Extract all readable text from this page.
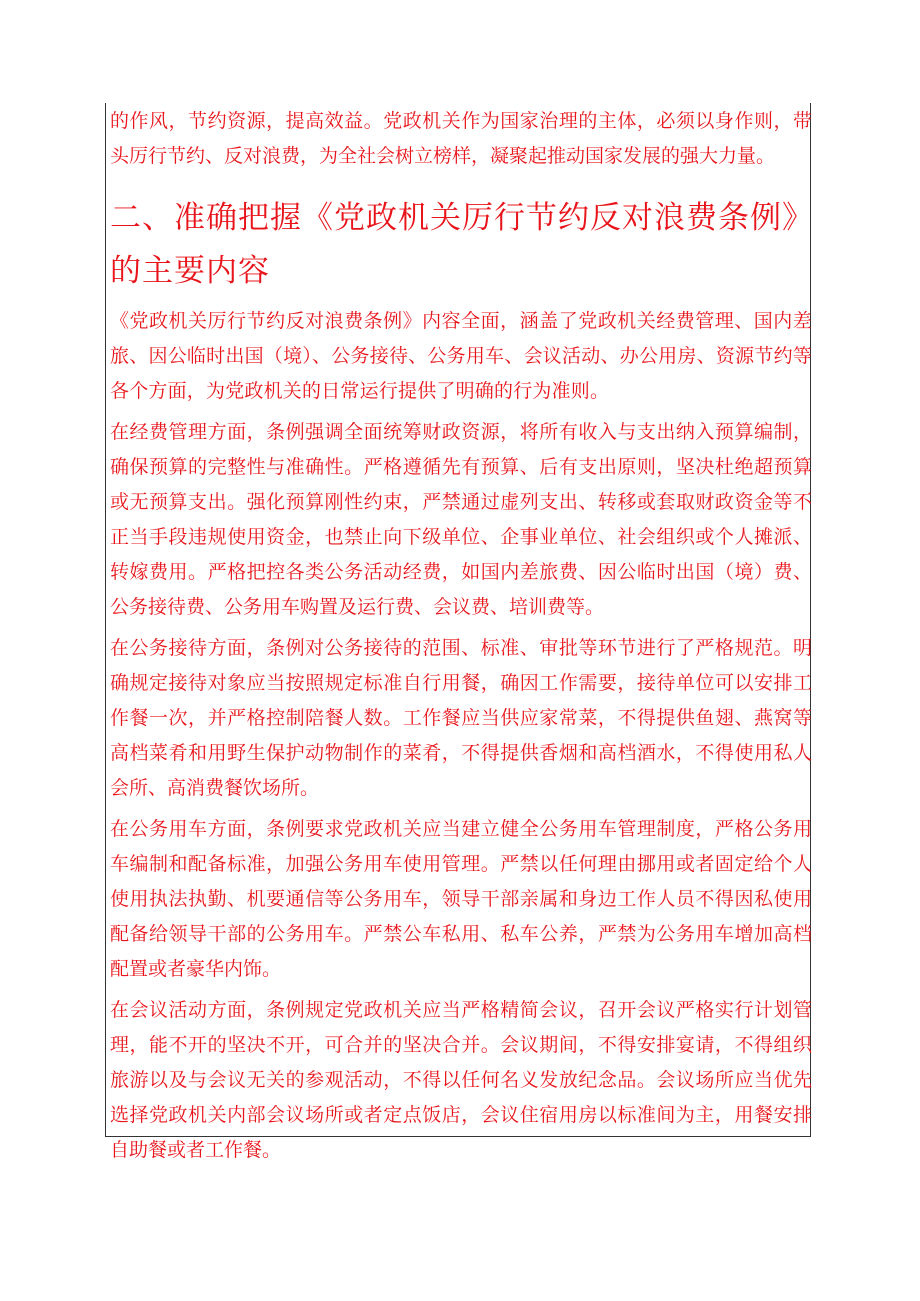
的作风，节约资源，提高效益。党政机关作为国家治理的主体，必须以身作则，带头厉行节约、反对浪费，为全社会树立榜样，凝聚起推动国家发展的强大力量。

二、准确把握《党政机关厉行节约反对浪费条例》的主要内容

《党政机关厉行节约反对浪费条例》内容全面，涵盖了党政机关经费管理、国内差旅、因公临时出国（境）、公务接待、公务用车、会议活动、办公用房、资源节约等各个方面，为党政机关的日常运行提供了明确的行为准则。

在经费管理方面，条例强调全面统筹财政资源，将所有收入与支出纳入预算编制，确保预算的完整性与准确性。严格遵循先有预算、后有支出原则，坚决杜绝超预算或无预算支出。强化预算刚性约束，严禁通过虚列支出、转移或套取财政资金等不正当手段违规使用资金，也禁止向下级单位、企事业单位、社会组织或个人摊派、转嫁费用。严格把控各类公务活动经费，如国内差旅费、因公临时出国（境）费、公务接待费、公务用车购置及运行费、会议费、培训费等。

在公务接待方面，条例对公务接待的范围、标准、审批等环节进行了严格规范。明确规定接待对象应当按照规定标准自行用餐，确因工作需要，接待单位可以安排工作餐一次，并严格控制陪餐人数。工作餐应当供应家常菜，不得提供鱼翅、燕窝等高档菜肴和用野生保护动物制作的菜肴，不得提供香烟和高档酒水，不得使用私人会所、高消费餐饮场所。

在公务用车方面，条例要求党政机关应当建立健全公务用车管理制度，严格公务用车编制和配备标准，加强公务用车使用管理。严禁以任何理由挪用或者固定给个人使用执法执勤、机要通信等公务用车，领导干部亲属和身边工作人员不得因私使用配备给领导干部的公务用车。严禁公车私用、私车公养，严禁为公务用车增加高档配置或者豪华内饰。

在会议活动方面，条例规定党政机关应当严格精简会议，召开会议严格实行计划管理，能不开的坚决不开，可合并的坚决合并。会议期间，不得安排宴请，不得组织旅游以及与会议无关的参观活动，不得以任何名义发放纪念品。会议场所应当优先选择党政机关内部会议场所或者定点饭店，会议住宿用房以标准间为主，用餐安排自助餐或者工作餐。
